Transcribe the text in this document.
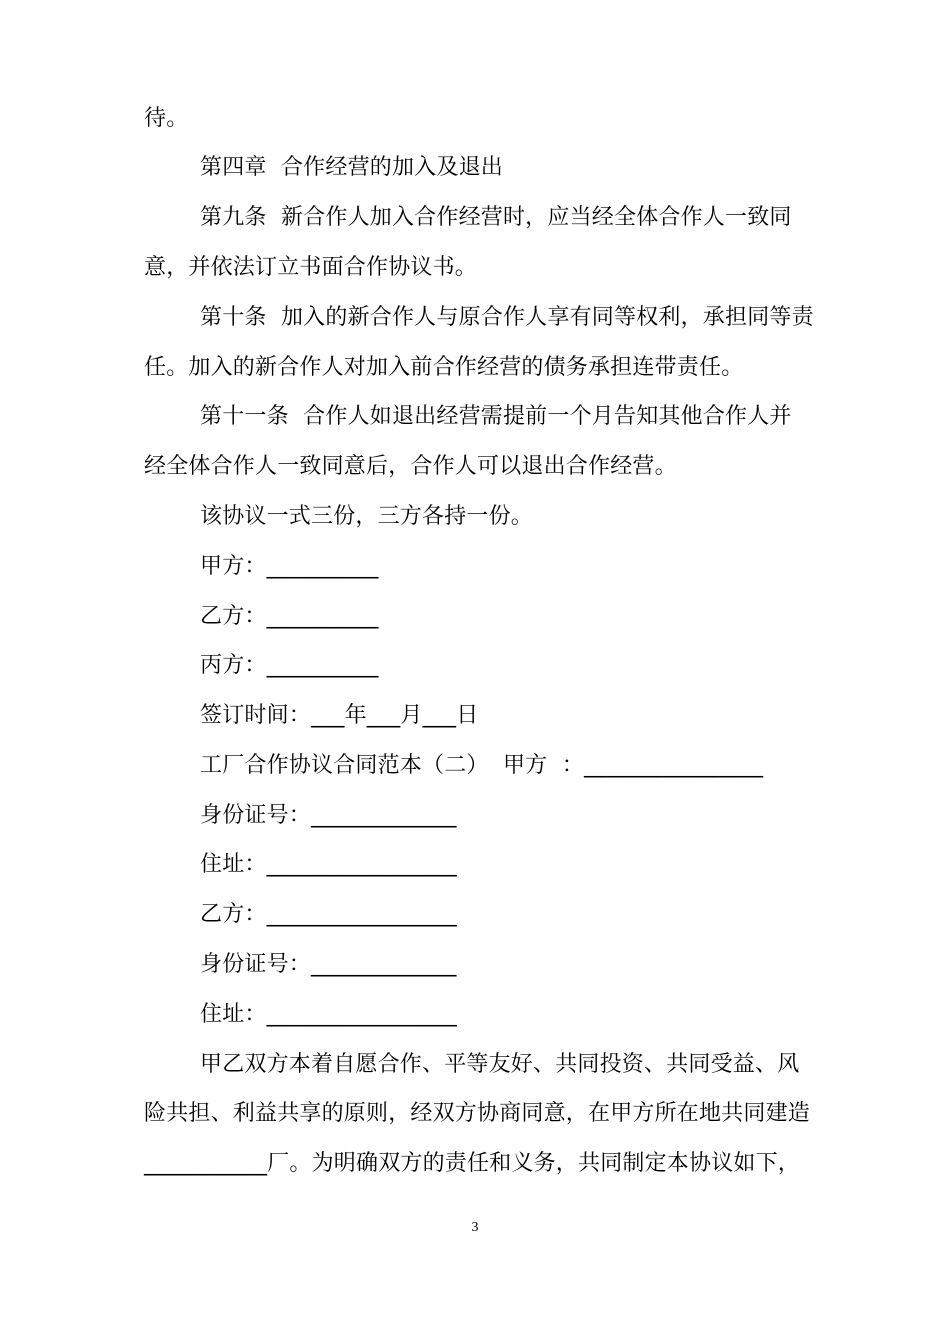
待。
第四章  合作经营的加入及退出
第九条  新合作人加入合作经营时，应当经全体合作人一致同
意，并依法订立书面合作协议书。
第十条  加入的新合作人与原合作人享有同等权利，承担同等责
任。加入的新合作人对加入前合作经营的债务承担连带责任。
第十一条  合作人如退出经营需提前一个月告知其他合作人并
经全体合作人一致同意后，合作人可以退出合作经营。
该协议一式三份，三方各持一份。
甲方：__________
乙方：__________
丙方：__________
签订时间：___年___月___日
工厂合作协议合同范本（二）  甲方  ：________________
身份证号：_____________
住址：_________________
乙方：_________________
身份证号：_____________
住址：_________________
甲乙双方本着自愿合作、平等友好、共同投资、共同受益、风
险共担、利益共享的原则，经双方协商同意，在甲方所在地共同建造
___________厂。为明确双方的责任和义务，共同制定本协议如下，
3
